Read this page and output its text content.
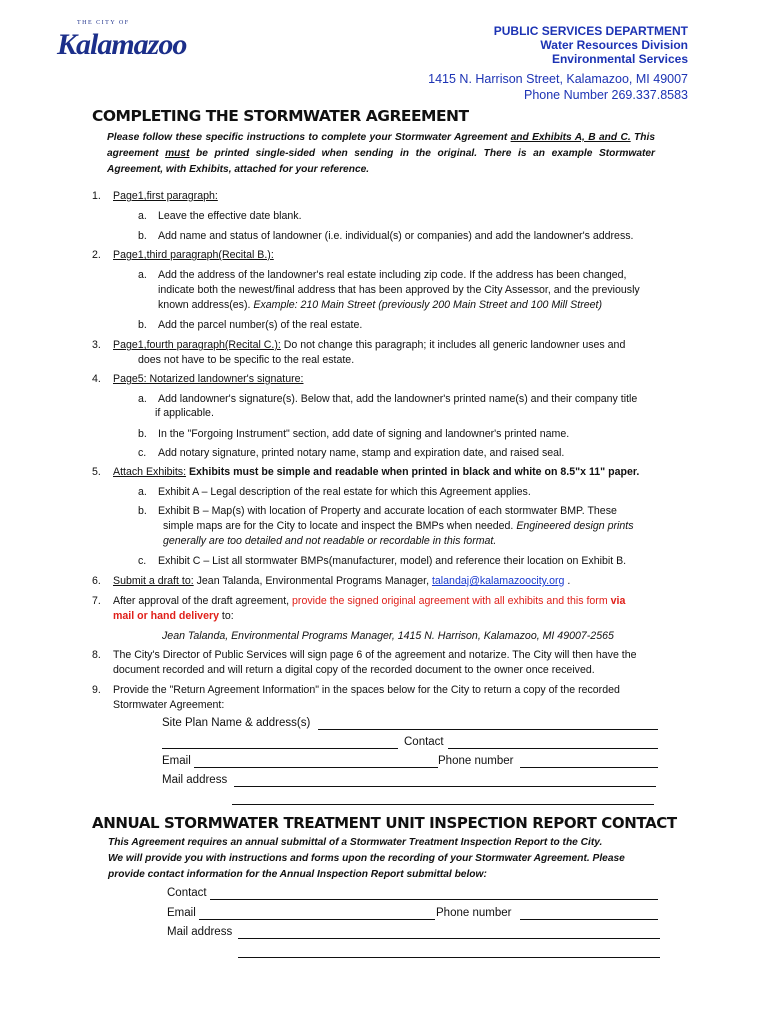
THE CITY OF
Kalamazoo	PUBLIC SERVICES DEPARTMENT
Water Resources Division
Environmental Services
1415 N. Harrison Street, Kalamazoo, MI 49007
Phone Number 269.337.8583
COMPLETING THE STORMWATER AGREEMENT
Please follow these specific instructions to complete your Stormwater Agreement and Exhibits A, B and C. This agreement must be printed single-sided when sending in the original. There is an example Stormwater Agreement, with Exhibits, attached for your reference.
1. Page1,first paragraph:
a. Leave the effective date blank.
b. Add name and status of landowner (i.e. individual(s) or companies) and add the landowner's address.
2. Page1,third paragraph(Recital B.):
a. Add the address of the landowner's real estate including zip code. If the address has been changed,
indicate both the newest/final address that has been approved by the City Assessor, and the previously
known address(es). Example: 210 Main Street (previously 200 Main Street and 100 Mill Street)
b. Add the parcel number(s) of the real estate.
3. Page1,fourth paragraph(Recital C.): Do not change this paragraph; it includes all generic landowner uses and
does not have to be specific to the real estate.
4. Page5: Notarized landowner's signature:
a. Add landowner's signature(s). Below that, add the landowner's printed name(s) and their company title
if applicable.
b. In the "Forgoing Instrument" section, add date of signing and landowner's printed name.
c. Add notary signature, printed notary name, stamp and expiration date, and raised seal.
5. Attach Exhibits: Exhibits must be simple and readable when printed in black and white on 8.5"x 11" paper.
a. Exhibit A – Legal description of the real estate for which this Agreement applies.
b. Exhibit B – Map(s) with location of Property and accurate location of each stormwater BMP. These
simple maps are for the City to locate and inspect the BMPs when needed. Engineered design prints
generally are too detailed and not readable or recordable in this format.
c. Exhibit C – List all stormwater BMPs(manufacturer, model) and reference their location on Exhibit B.
6. Submit a draft to: Jean Talanda, Environmental Programs Manager, talandaj@kalamazoocity.org .
7. After approval of the draft agreement, provide the signed original agreement with all exhibits and this form via
mail or hand delivery to:
Jean Talanda, Environmental Programs Manager, 1415 N. Harrison, Kalamazoo, MI 49007-2565
8. The City's Director of Public Services will sign page 6 of the agreement and notarize. The City will then have the
document recorded and will return a digital copy of the recorded document to the owner once received.
9. Provide the "Return Agreement Information" in the spaces below for the City to return a copy of the recorded
Stormwater Agreement:
Site Plan Name & address(s)
Contact
Email	Phone number
Mail address
ANNUAL STORMWATER TREATMENT UNIT INSPECTION REPORT CONTACT
This Agreement requires an annual submittal of a Stormwater Treatment Inspection Report to the City.
We will provide you with instructions and forms upon the recording of your Stormwater Agreement. Please
provide contact information for the Annual Inspection Report submittal below:
Contact
Email	Phone number
Mail address
